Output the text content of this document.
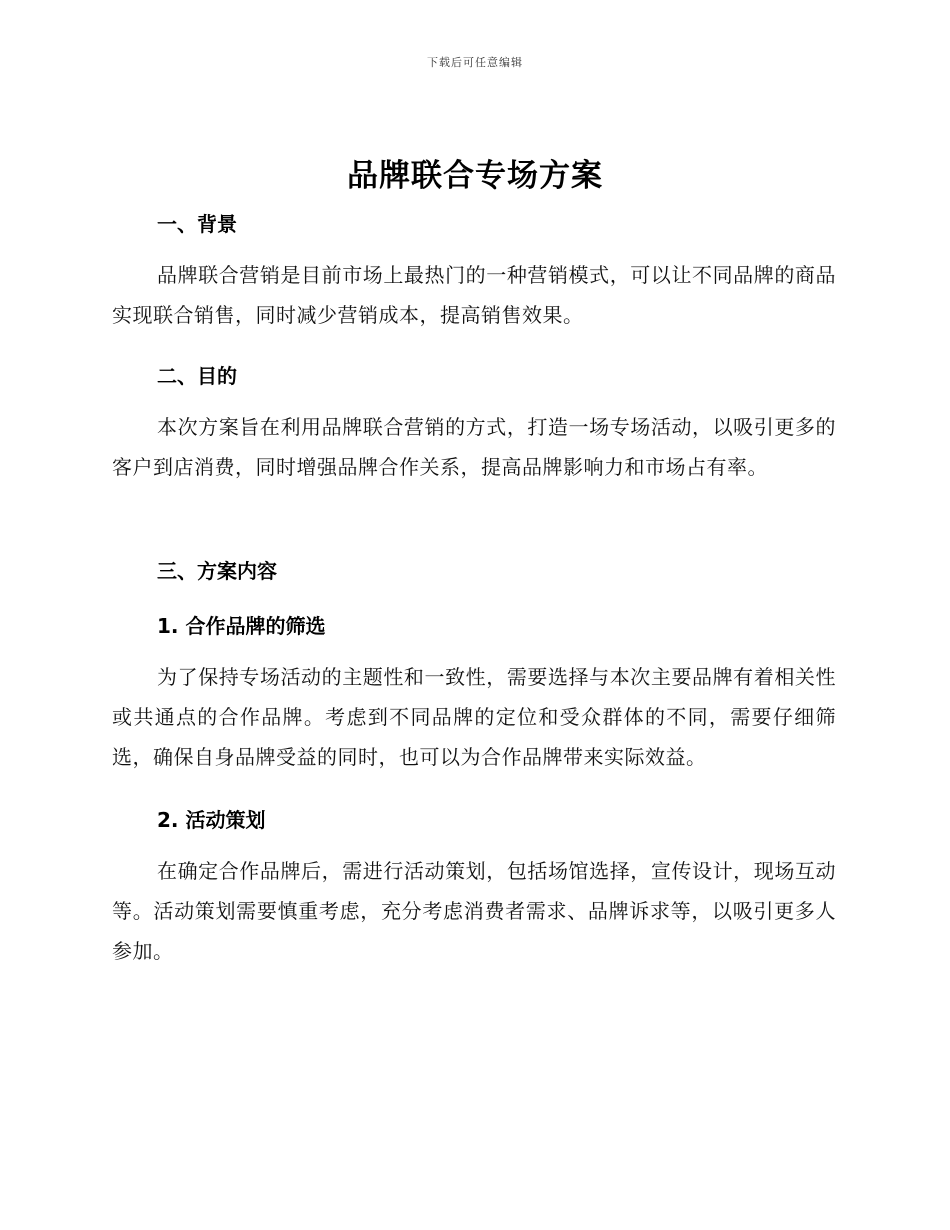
下载后可任意编辑
品牌联合专场方案
一、背景
品牌联合营销是目前市场上最热门的一种营销模式，可以让不同品牌的商品实现联合销售，同时减少营销成本，提高销售效果。
二、目的
本次方案旨在利用品牌联合营销的方式，打造一场专场活动，以吸引更多的客户到店消费，同时增强品牌合作关系，提高品牌影响力和市场占有率。
三、方案内容
1. 合作品牌的筛选
为了保持专场活动的主题性和一致性，需要选择与本次主要品牌有着相关性或共通点的合作品牌。考虑到不同品牌的定位和受众群体的不同，需要仔细筛选，确保自身品牌受益的同时，也可以为合作品牌带来实际效益。
2. 活动策划
在确定合作品牌后，需进行活动策划，包括场馆选择，宣传设计，现场互动等。活动策划需要慎重考虑，充分考虑消费者需求、品牌诉求等，以吸引更多人参加。
